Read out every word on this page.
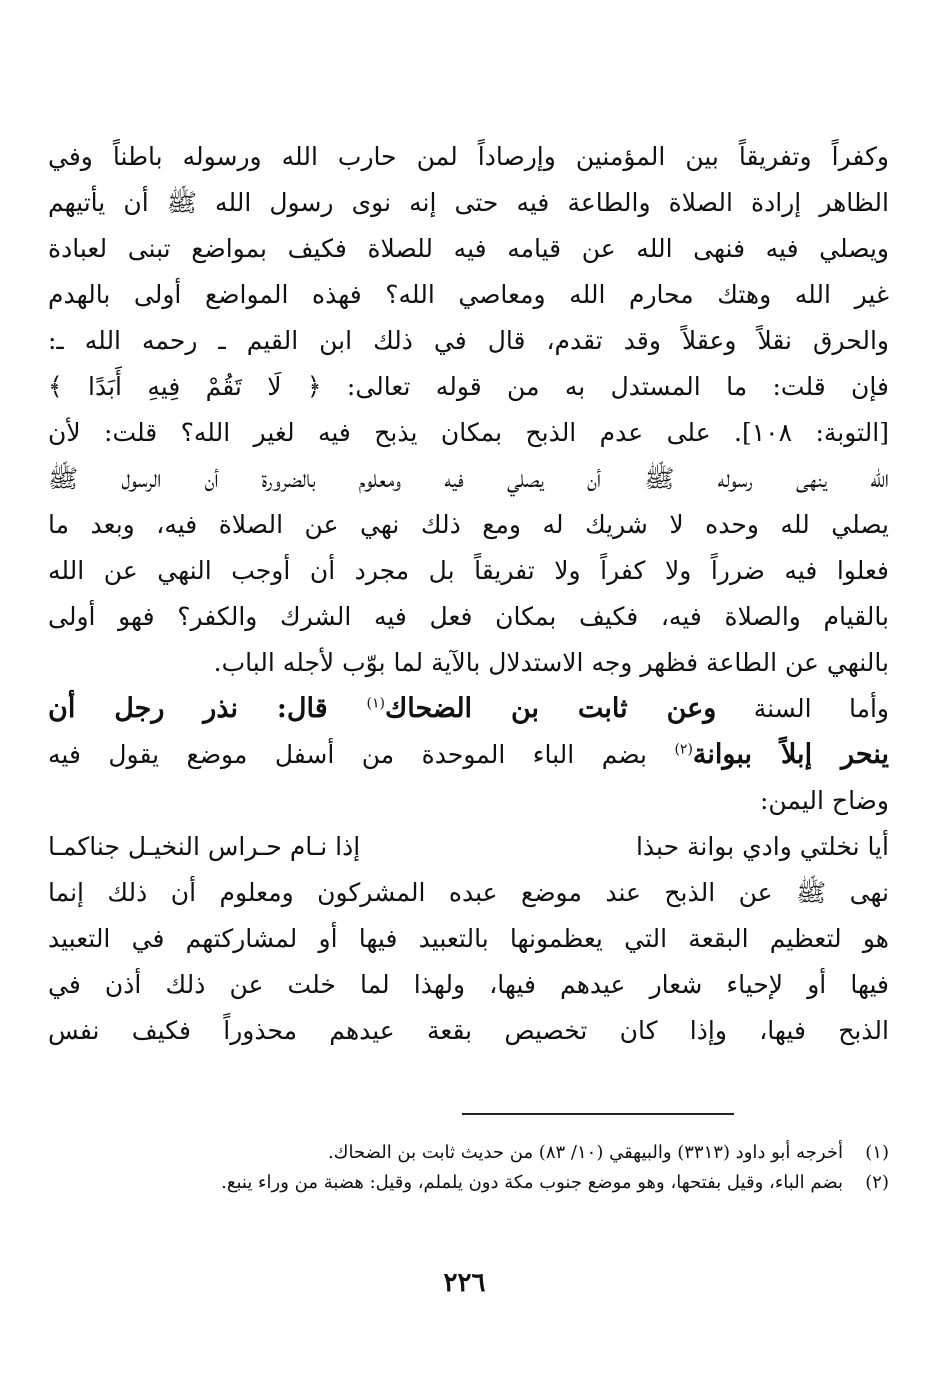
وكفراً وتفريقاً بين المؤمنين وإرصاداً لمن حارب الله ورسوله باطناً وفي
الظاهر إرادة الصلاة والطاعة فيه حتى إنه نوى رسول الله ﷺ أن يأتيهم
ويصلي فيه فنهى الله عن قيامه فيه للصلاة فكيف بمواضع تبنى لعبادة
غير الله وهتك محارم الله ومعاصي الله؟ فهذه المواضع أولى بالهدم
والحرق نقلاً وعقلاً وقد تقدم، قال في ذلك ابن القيم ـ رحمه الله ـ:
فإن قلت: ما المستدل به من قوله تعالى: ﴿ لَا تَقُمْ فِيهِ أَبَدًا ﴾
[التوبة: ١٠٨]. على عدم الذبح بمكان يذبح فيه لغير الله؟ قلت: لأن
الله ينهى رسوله ﷺ أن يصلي فيه ومعلوم بالضرورة أن الرسول ﷺ
يصلي لله وحده لا شريك له ومع ذلك نهي عن الصلاة فيه، وبعد ما
فعلوا فيه ضرراً ولا كفراً ولا تفريقاً بل مجرد أن أوجب النهي عن الله
بالقيام والصلاة فيه، فكيف بمكان فعل فيه الشرك والكفر؟ فهو أولى
بالنهي عن الطاعة فظهر وجه الاستدلال بالآية لما بوّب لأجله الباب.
وأما السنة وعن ثابت بن الضحاك$^{(١)}$ قال: نذر رجل أن
ينحر إبلاً ببوانة$^{(٢)}$ بضم الباء الموحدة من أسفل موضع يقول فيه
وضاح اليمن:
أيا نخلتي وادي بوانة حبذا
إذا نـام حـراس النخيـل جناكمـا
نهى ﷺ عن الذبح عند موضع عبده المشركون ومعلوم أن ذلك إنما
هو لتعظيم البقعة التي يعظمونها بالتعبيد فيها أو لمشاركتهم في التعبيد
فيها أو لإحياء شعار عيدهم فيها، ولهذا لما خلت عن ذلك أذن في
الذبح فيها، وإذا كان تخصيص بقعة عيدهم محذوراً فكيف نفس
(١)
أخرجه أبو داود (٣٣١٣) والبيهقي (١٠/ ٨٣) من حديث ثابت بن الضحاك.
(٢)
بضم الباء، وقيل بفتحها، وهو موضع جنوب مكة دون يلملم، وقيل: هضبة من وراء ينبع.
٢٢٦
